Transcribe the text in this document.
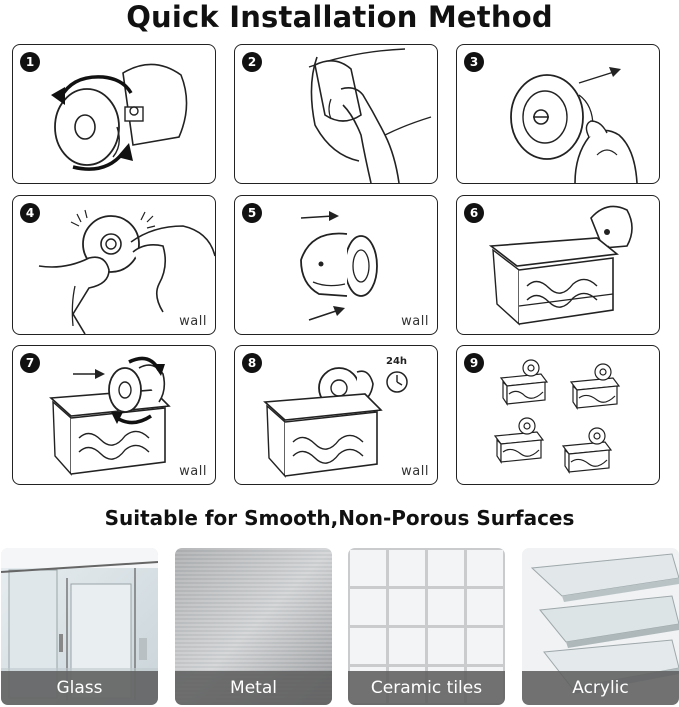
Quick Installation Method
1	2	3
4
wall
5
wall
6
7
wall
8	24h
wall
9
Suitable for Smooth,Non-Porous Surfaces
Glass	Metal	Ceramic tiles	Acrylic
